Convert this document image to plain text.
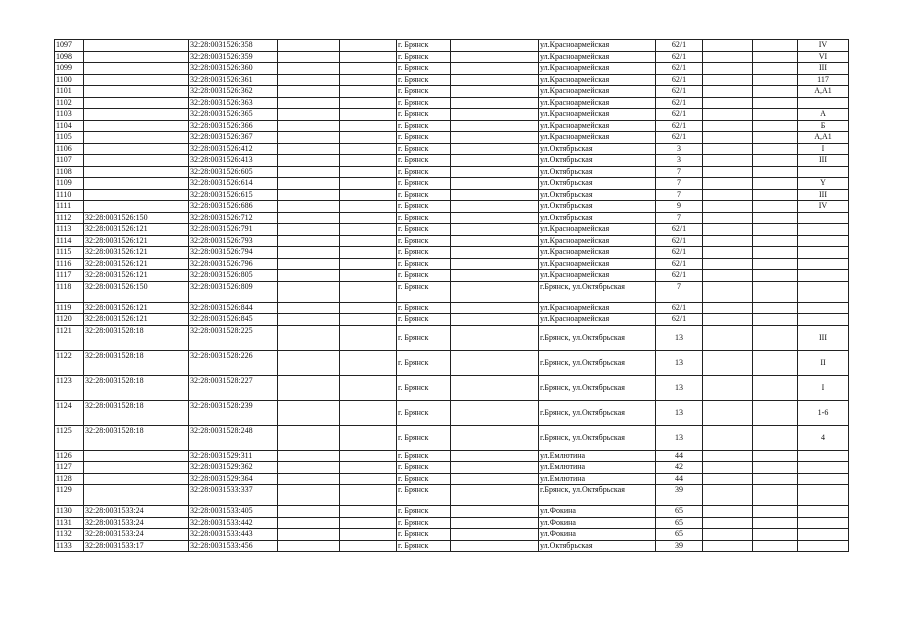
1097		32:28:0031526:358			г. Брянск		ул.Красноармейская	62/1			IV
1098		32:28:0031526:359			г. Брянск		ул.Красноармейская	62/1			VI
1099		32:28:0031526:360			г. Брянск		ул.Красноармейская	62/1			III
1100		32:28:0031526:361			г. Брянск		ул.Красноармейская	62/1			117
1101		32:28:0031526:362			г. Брянск		ул.Красноармейская	62/1			А,А1
1102		32:28:0031526:363			г. Брянск		ул.Красноармейская	62/1			
1103		32:28:0031526:365			г. Брянск		ул.Красноармейская	62/1			А
1104		32:28:0031526:366			г. Брянск		ул.Красноармейская	62/1			Б
1105		32:28:0031526:367			г. Брянск		ул.Красноармейская	62/1			А,А1
1106		32:28:0031526:412			г. Брянск		ул.Октябрьская	3			I
1107		32:28:0031526:413			г. Брянск		ул.Октябрьская	3			III
1108		32:28:0031526:605			г. Брянск		ул.Октябрьская	7			
1109		32:28:0031526:614			г. Брянск		ул.Октябрьская	7			Y
1110		32:28:0031526:615			г. Брянск		ул.Октябрьская	7			III
1111		32:28:0031526:686			г. Брянск		ул.Октябрьская	9			IV
1112	32:28:0031526:150	32:28:0031526:712			г. Брянск		ул.Октябрьская	7			
1113	32:28:0031526:121	32:28:0031526:791			г. Брянск		ул.Красноармейская	62/1			
1114	32:28:0031526:121	32:28:0031526:793			г. Брянск		ул.Красноармейская	62/1			
1115	32:28:0031526:121	32:28:0031526:794			г. Брянск		ул.Красноармейская	62/1			
1116	32:28:0031526:121	32:28:0031526:796			г. Брянск		ул.Красноармейская	62/1			
1117	32:28:0031526:121	32:28:0031526:805			г. Брянск		ул.Красноармейская	62/1			
1118	32:28:0031526:150	32:28:0031526:809			г. Брянск		г.Брянск, ул.Октябрьская	7			
1119	32:28:0031526:121	32:28:0031526:844			г. Брянск		ул.Красноармейская	62/1			
1120	32:28:0031526:121	32:28:0031526:845			г. Брянск		ул.Красноармейская	62/1			
1121	32:28:0031528:18	32:28:0031528:225			г. Брянск		г.Брянск, ул.Октябрьская	13			III
1122	32:28:0031528:18	32:28:0031528:226			г. Брянск		г.Брянск, ул.Октябрьская	13			II
1123	32:28:0031528:18	32:28:0031528:227			г. Брянск		г.Брянск, ул.Октябрьская	13			I
1124	32:28:0031528:18	32:28:0031528:239			г. Брянск		г.Брянск, ул.Октябрьская	13			1-6
1125	32:28:0031528:18	32:28:0031528:248			г. Брянск		г.Брянск, ул.Октябрьская	13			4
1126		32:28:0031529:311			г. Брянск		ул.Емлютина	44			
1127		32:28:0031529:362			г. Брянск		ул.Емлютина	42			
1128		32:28:0031529:364			г. Брянск		ул.Емлютина	44			
1129		32:28:0031533:337			г. Брянск		г.Брянск, ул.Октябрьская	39			
1130	32:28:0031533:24	32:28:0031533:405			г. Брянск		ул.Фокина	65			
1131	32:28:0031533:24	32:28:0031533:442			г. Брянск		ул.Фокина	65			
1132	32:28:0031533:24	32:28:0031533:443			г. Брянск		ул.Фокина	65			
1133	32:28:0031533:17	32:28:0031533:456			г. Брянск		ул.Октябрьская	39			
